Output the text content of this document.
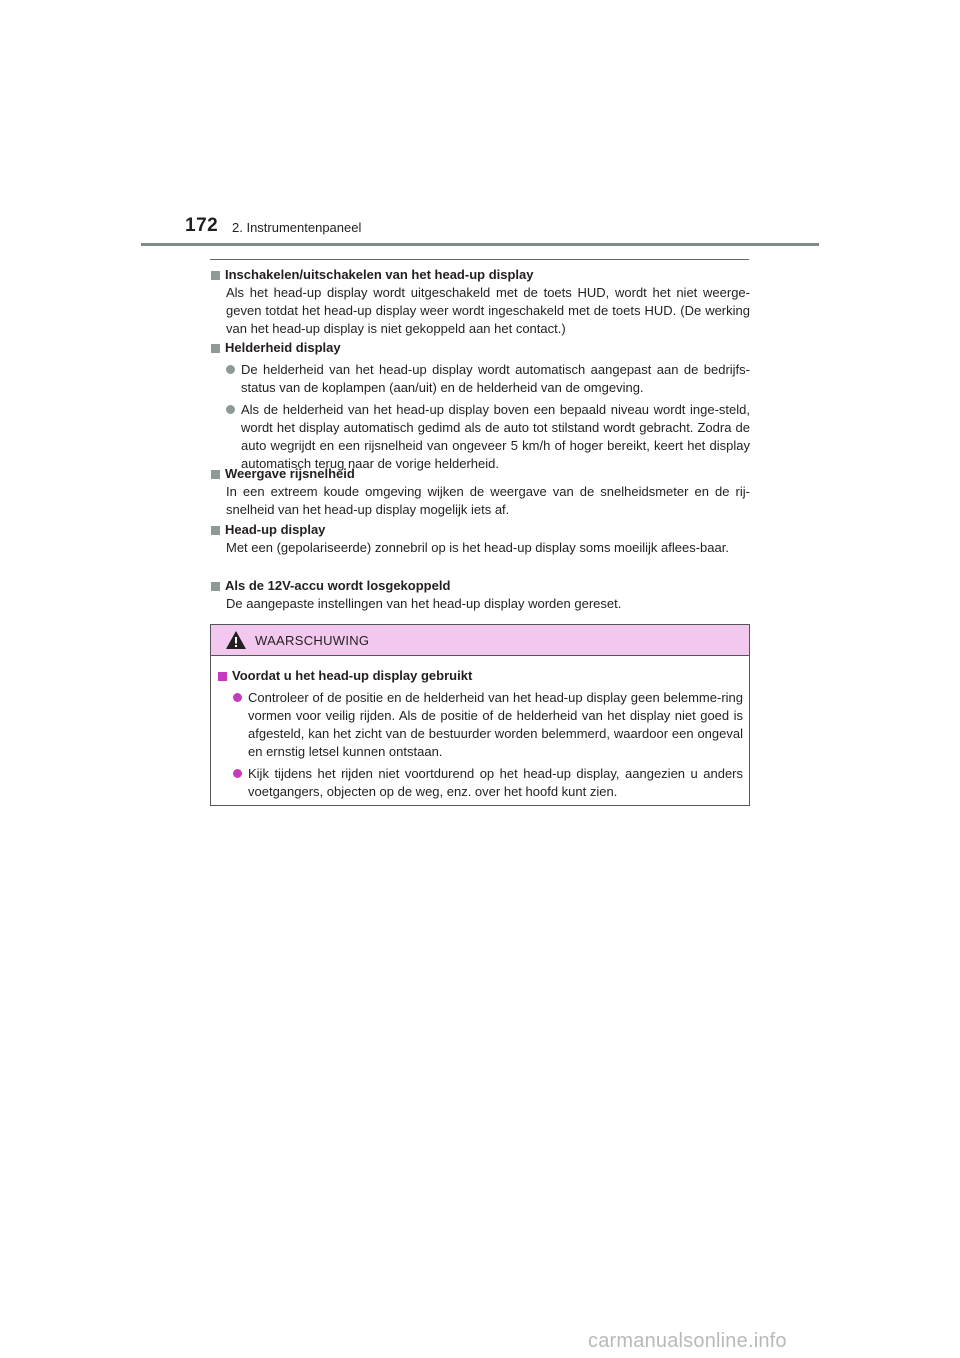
172 2. Instrumentenpaneel
Inschakelen/uitschakelen van het head-up display
Als het head-up display wordt uitgeschakeld met de toets HUD, wordt het niet weerge-geven totdat het head-up display weer wordt ingeschakeld met de toets HUD. (De werking van het head-up display is niet gekoppeld aan het contact.)
Helderheid display
De helderheid van het head-up display wordt automatisch aangepast aan de bedrijfs-status van de koplampen (aan/uit) en de helderheid van de omgeving.
Als de helderheid van het head-up display boven een bepaald niveau wordt inge-steld, wordt het display automatisch gedimd als de auto tot stilstand wordt gebracht. Zodra de auto wegrijdt en een rijsnelheid van ongeveer 5 km/h of hoger bereikt, keert het display automatisch terug naar de vorige helderheid.
Weergave rijsnelheid
In een extreem koude omgeving wijken de weergave van de snelheidsmeter en de rij-snelheid van het head-up display mogelijk iets af.
Head-up display
Met een (gepolariseerde) zonnebril op is het head-up display soms moeilijk aflees-baar.
Als de 12V-accu wordt losgekoppeld
De aangepaste instellingen van het head-up display worden gereset.
WAARSCHUWING
Voordat u het head-up display gebruikt
Controleer of de positie en de helderheid van het head-up display geen belemme-ring vormen voor veilig rijden. Als de positie of de helderheid van het display niet goed is afgesteld, kan het zicht van de bestuurder worden belemmerd, waardoor een ongeval en ernstig letsel kunnen ontstaan.
Kijk tijdens het rijden niet voortdurend op het head-up display, aangezien u anders voetgangers, objecten op de weg, enz. over het hoofd kunt zien.
carmanualsonline.info
